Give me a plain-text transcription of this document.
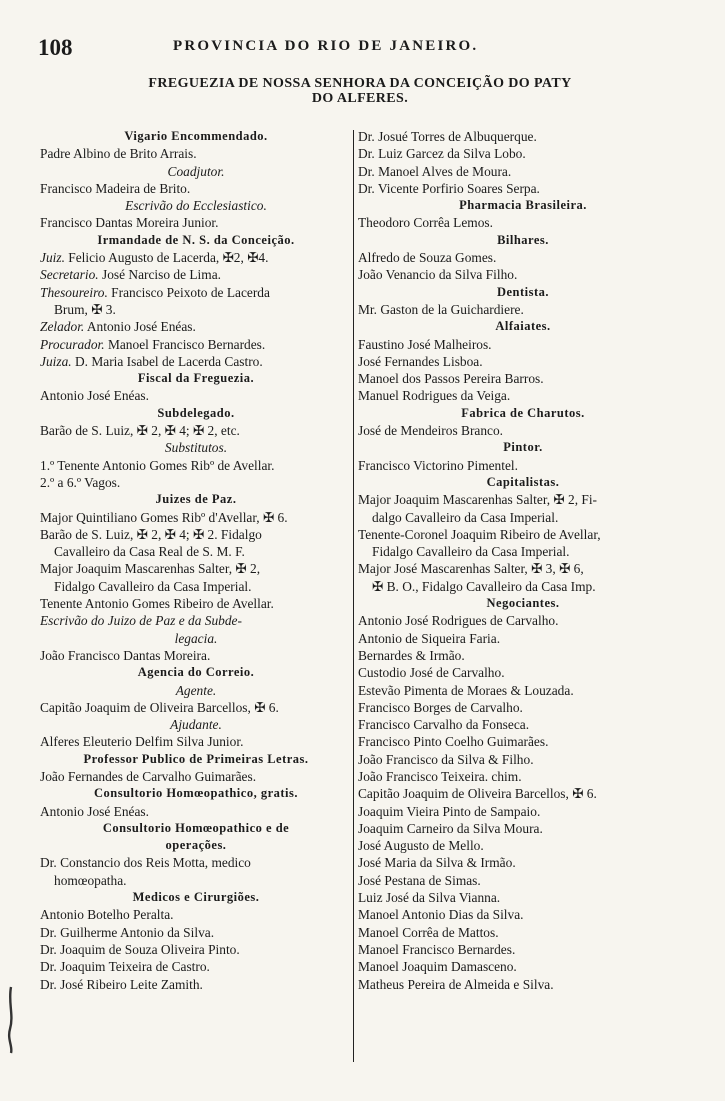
108	PROVINCIA DO RIO DE JANEIRO.
FREGUEZIA DE NOSSA SENHORA DA CONCEIÇÃO DO PATY
DO ALFERES.
Vigario Encommendado.
Padre Albino de Brito Arrais.
Coadjutor.
Francisco Madeira de Brito.
Escrivão do Ecclesiastico.
Francisco Dantas Moreira Junior.
Irmandade de N. S. da Conceição.
Juiz. Felicio Augusto de Lacerda, ✠2, ✠4.
Secretario. José Narciso de Lima.
Thesoureiro. Francisco Peixoto de Lacerda
Brum, ✠ 3.
Zelador. Antonio José Enéas.
Procurador. Manoel Francisco Bernardes.
Juiza. D. Maria Isabel de Lacerda Castro.
Fiscal da Freguezia.
Antonio José Enéas.
Subdelegado.
Barão de S. Luiz, ✠ 2, ✠ 4; ✠ 2, etc.
Substitutos.
1.º Tenente Antonio Gomes Ribº de Avellar.
2.º a 6.º Vagos.
Juizes de Paz.
Major Quintiliano Gomes Ribº d'Avellar, ✠ 6.
Barão de S. Luiz, ✠ 2, ✠ 4; ✠ 2. Fidalgo
Cavalleiro da Casa Real de S. M. F.
Major Joaquim Mascarenhas Salter, ✠ 2,
Fidalgo Cavalleiro da Casa Imperial.
Tenente Antonio Gomes Ribeiro de Avellar.
Escrivão do Juizo de Paz e da Subde-
legacia.
João Francisco Dantas Moreira.
Agencia do Correio.
Agente.
Capitão Joaquim de Oliveira Barcellos, ✠ 6.
Ajudante.
Alferes Eleuterio Delfim Silva Junior.
Professor Publico de Primeiras Letras.
João Fernandes de Carvalho Guimarães.
Consultorio Homœopathico, gratis.
Antonio José Enéas.
Consultorio Homœopathico e de
operações.
Dr. Constancio dos Reis Motta, medico
homœopatha.
Medicos e Cirurgiões.
Antonio Botelho Peralta.
Dr. Guilherme Antonio da Silva.
Dr. Joaquim de Souza Oliveira Pinto.
Dr. Joaquim Teixeira de Castro.
Dr. José Ribeiro Leite Zamith.
Dr. Josué Torres de Albuquerque.
Dr. Luiz Garcez da Silva Lobo.
Dr. Manoel Alves de Moura.
Dr. Vicente Porfirio Soares Serpa.
Pharmacia Brasileira.
Theodoro Corrêa Lemos.
Bilhares.
Alfredo de Souza Gomes.
João Venancio da Silva Filho.
Dentista.
Mr. Gaston de la Guichardiere.
Alfaiates.
Faustino José Malheiros.
José Fernandes Lisboa.
Manoel dos Passos Pereira Barros.
Manuel Rodrigues da Veiga.
Fabrica de Charutos.
José de Mendeiros Branco.
Pintor.
Francisco Victorino Pimentel.
Capitalistas.
Major Joaquim Mascarenhas Salter, ✠ 2, Fi-
dalgo Cavalleiro da Casa Imperial.
Tenente-Coronel Joaquim Ribeiro de Avellar,
Fidalgo Cavalleiro da Casa Imperial.
Major José Mascarenhas Salter, ✠ 3, ✠ 6,
✠ B. O., Fidalgo Cavalleiro da Casa Imp.
Negociantes.
Antonio José Rodrigues de Carvalho.
Antonio de Siqueira Faria.
Bernardes & Irmão.
Custodio José de Carvalho.
Estevão Pimenta de Moraes & Louzada.
Francisco Borges de Carvalho.
Francisco Carvalho da Fonseca.
Francisco Pinto Coelho Guimarães.
João Francisco da Silva & Filho.
João Francisco Teixeira. chim.
Capitão Joaquim de Oliveira Barcellos, ✠ 6.
Joaquim Vieira Pinto de Sampaio.
Joaquim Carneiro da Silva Moura.
José Augusto de Mello.
José Maria da Silva & Irmão.
José Pestana de Simas.
Luiz José da Silva Vianna.
Manoel Antonio Dias da Silva.
Manoel Corrêa de Mattos.
Manoel Francisco Bernardes.
Manoel Joaquim Damasceno.
Matheus Pereira de Almeida e Silva.
